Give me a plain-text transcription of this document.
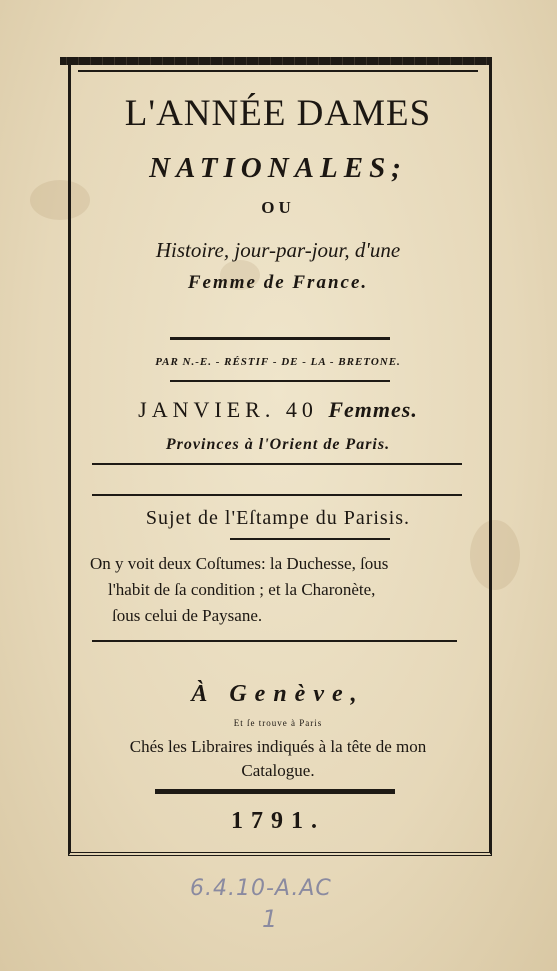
L'ANNÉE DAMES
NATIONALES;
OU
Histoire, jour-par-jour, d'une
Femme de France.
PAR N.-E. - RÉSTIF - DE - LA - BRETONE.
JANVIER. 40 Femmes.
Provinces à l'Orient de Paris.
Sujet de l'Eſtampe du Parisis.
On y voit deux Coſtumes: la Duchesse, ſous
l'habit de ſa condition ; et la Charonète,
ſous celui de Paysane.
À Genève,
Et ſe trouve à Paris
Chés les Libraires indiqués à la tête de mon
Catalogue.
1791.
6.4.10-A.AC
1
